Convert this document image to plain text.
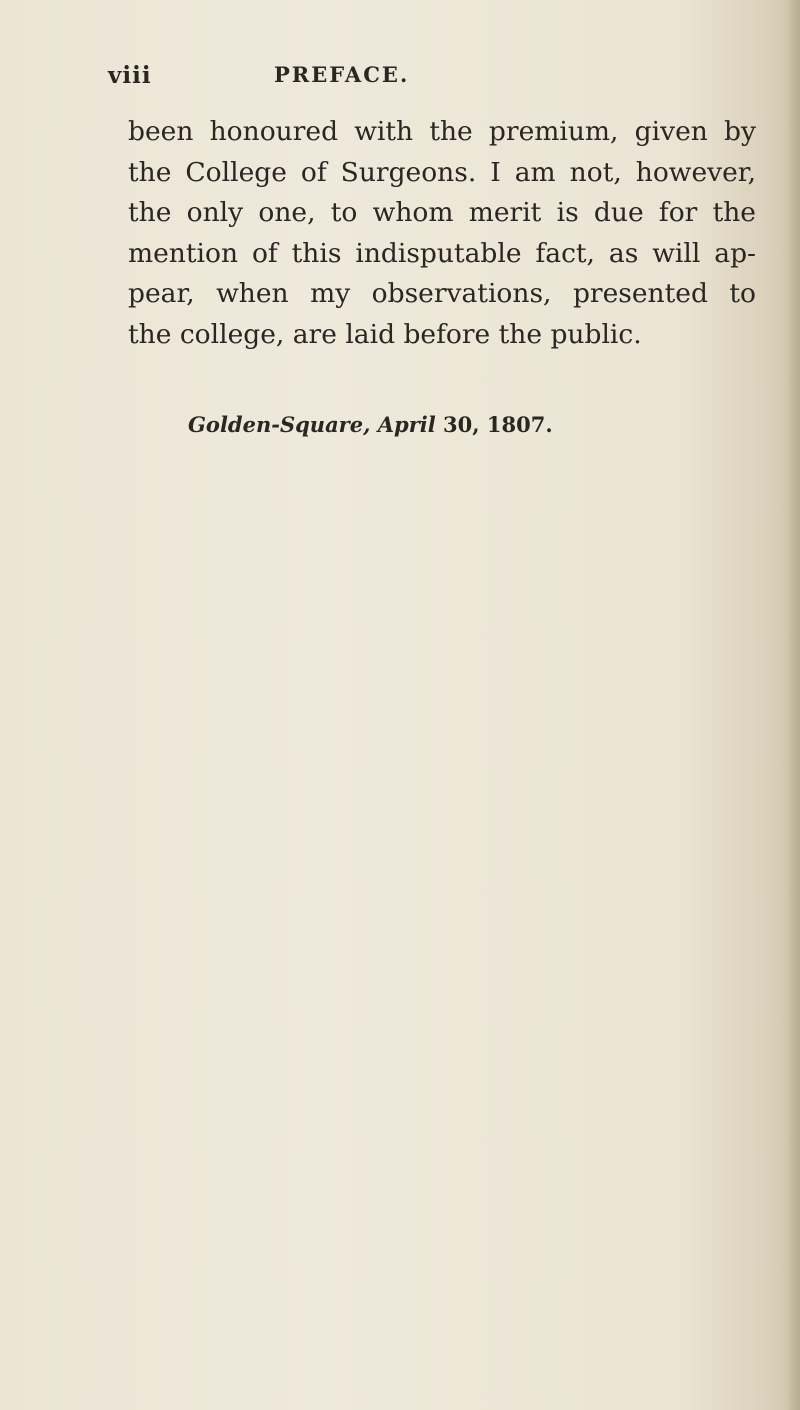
viii	PREFACE.
been honoured with the premium, given by
the College of Surgeons. I am not, however,
the only one, to whom merit is due for the
mention of this indisputable fact, as will ap-
pear, when my observations, presented to
the college, are laid before the public.
Golden-Square, April 30, 1807.
